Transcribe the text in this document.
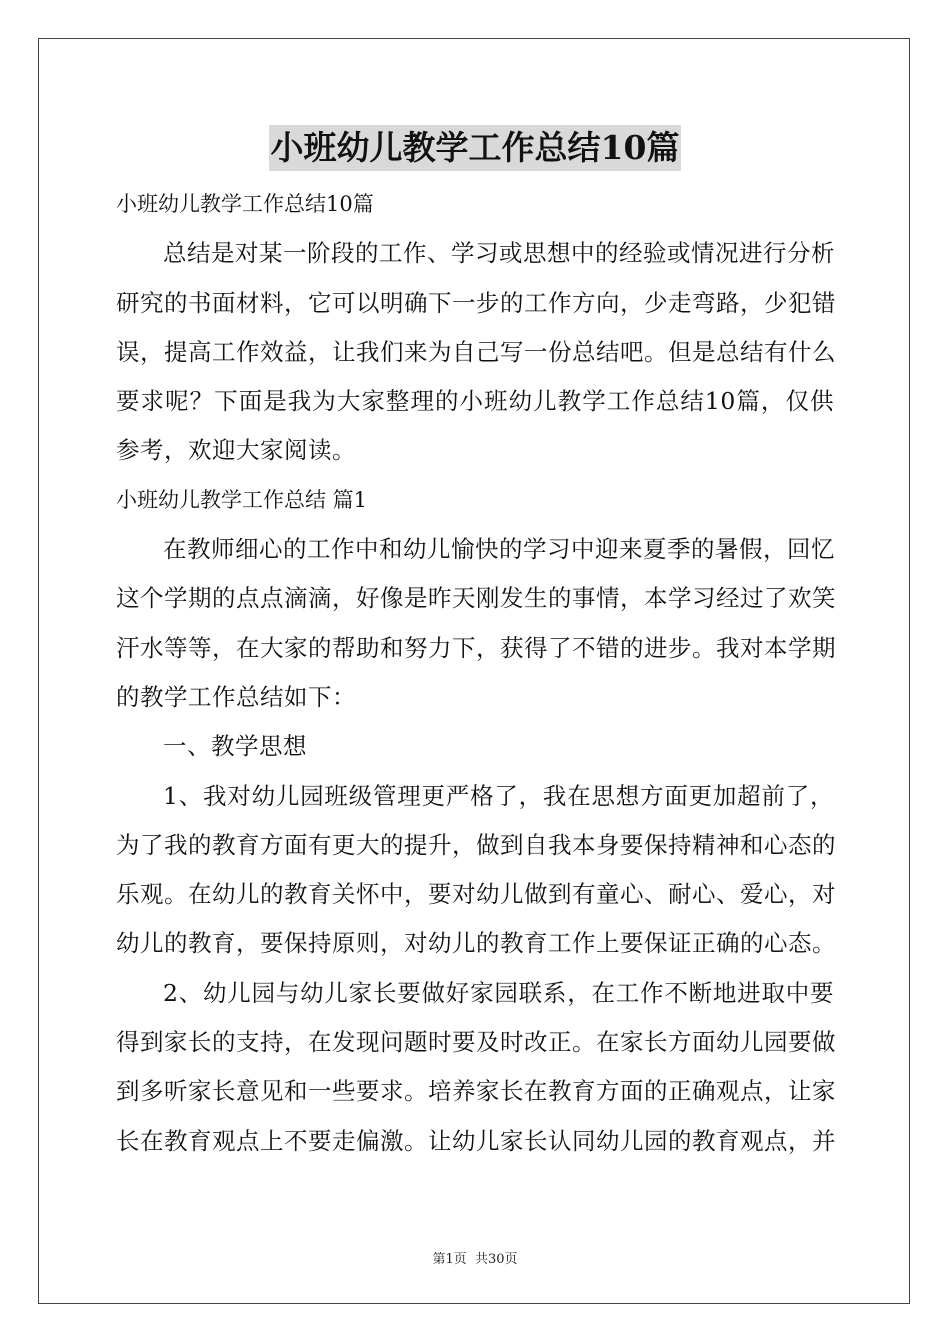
小班幼儿教学工作总结10篇
小班幼儿教学工作总结10篇
总结是对某一阶段的工作、学习或思想中的经验或情况进行分析
研究的书面材料，它可以明确下一步的工作方向，少走弯路，少犯错
误，提高工作效益，让我们来为自己写一份总结吧。但是总结有什么
要求呢？下面是我为大家整理的小班幼儿教学工作总结10篇，仅供
参考，欢迎大家阅读。
小班幼儿教学工作总结 篇1
在教师细心的工作中和幼儿愉快的学习中迎来夏季的暑假，回忆
这个学期的点点滴滴，好像是昨天刚发生的事情，本学习经过了欢笑
汗水等等，在大家的帮助和努力下，获得了不错的进步。我对本学期
的教学工作总结如下：
一、教学思想
1、我对幼儿园班级管理更严格了，我在思想方面更加超前了，
为了我的教育方面有更大的提升，做到自我本身要保持精神和心态的
乐观。在幼儿的教育关怀中，要对幼儿做到有童心、耐心、爱心，对
幼儿的教育，要保持原则，对幼儿的教育工作上要保证正确的心态。
2、幼儿园与幼儿家长要做好家园联系，在工作不断地进取中要
得到家长的支持，在发现问题时要及时改正。在家长方面幼儿园要做
到多听家长意见和一些要求。培养家长在教育方面的正确观点，让家
长在教育观点上不要走偏激。让幼儿家长认同幼儿园的教育观点，并
第1页 共30页
